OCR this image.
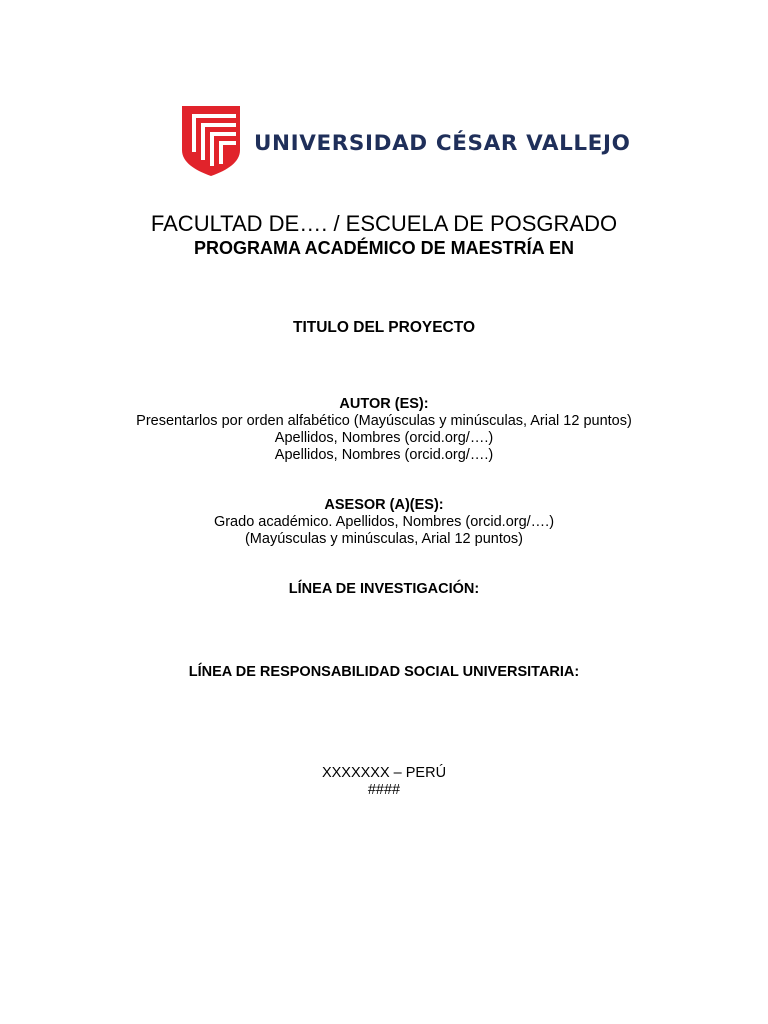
UNIVERSIDAD CÉSAR VALLEJO
FACULTAD DE…. / ESCUELA DE POSGRADO
PROGRAMA ACADÉMICO DE MAESTRÍA EN
TITULO DEL PROYECTO
AUTOR (ES):
Presentarlos por orden alfabético (Mayúsculas y minúsculas, Arial 12 puntos)
Apellidos, Nombres (orcid.org/….)
Apellidos, Nombres (orcid.org/….)
ASESOR (A)(ES):
Grado académico. Apellidos, Nombres (orcid.org/….)
(Mayúsculas y minúsculas, Arial 12 puntos)
LÍNEA DE INVESTIGACIÓN:
LÍNEA DE RESPONSABILIDAD SOCIAL UNIVERSITARIA:
XXXXXXX – PERÚ
####
